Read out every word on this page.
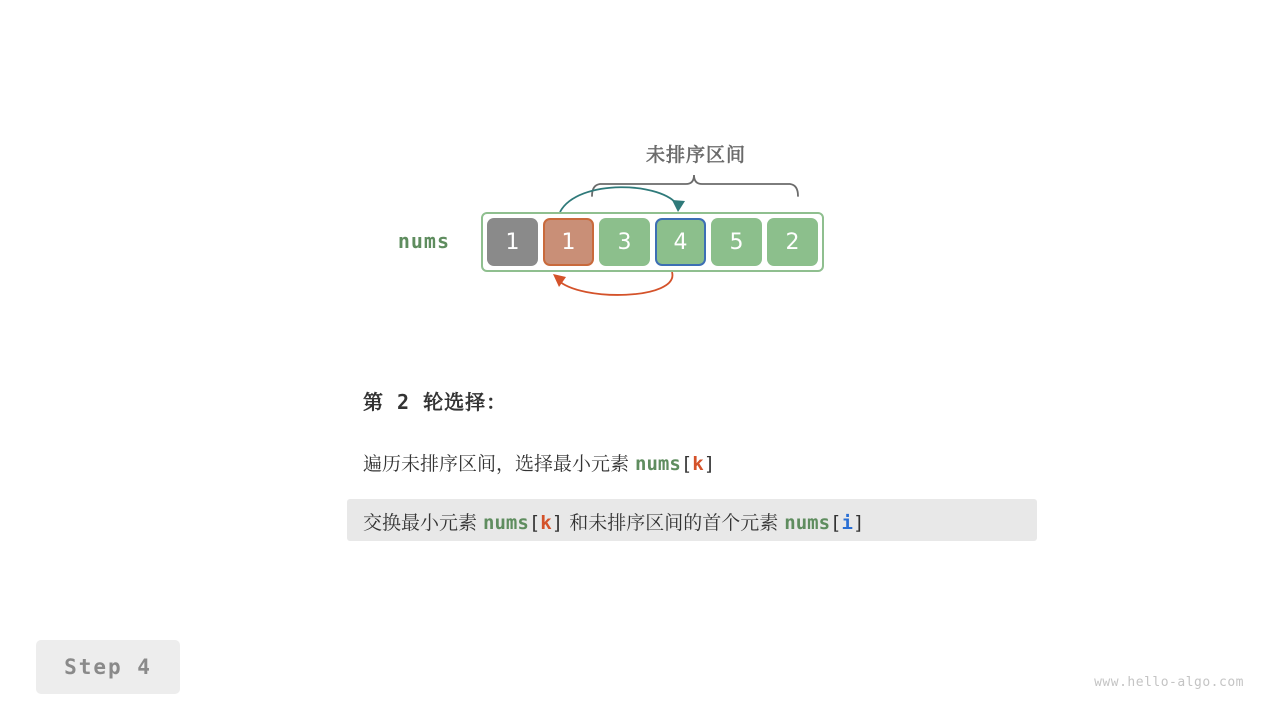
未排序区间
nums	1	1	3	4	5	2
第 2 轮选择：
遍历未排序区间，选择最小元素 nums[k]
交换最小元素 nums[k] 和未排序区间的首个元素 nums[i]
Step 4
www.hello-algo.com
